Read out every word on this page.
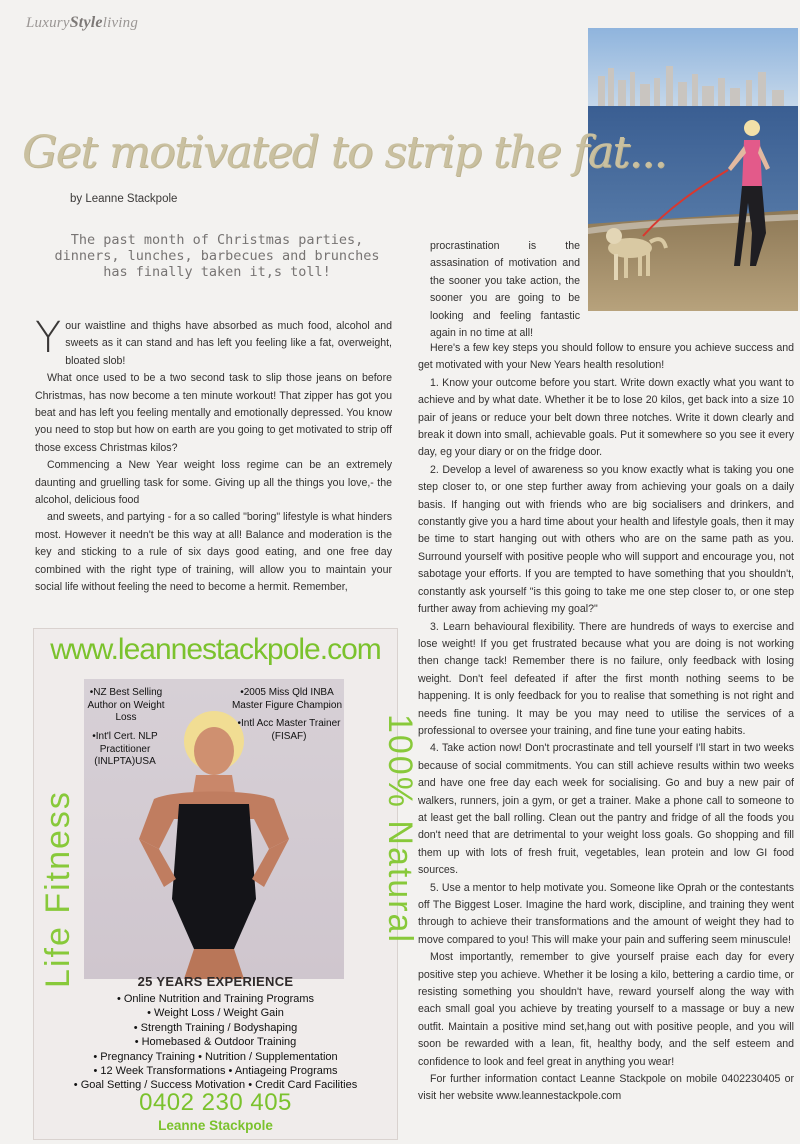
LuxuryStyleliving
Get motivated to strip the fat...
by Leanne Stackpole
The past month of Christmas parties, dinners, lunches, barbecues and brunches has finally taken it,s toll!

Your waistline and thighs have absorbed as much food, alcohol and sweets as it can stand and has left you feeling like a fat, overweight, bloated slob!

What once used to be a two second task to slip those jeans on before Christmas, has now become a ten minute workout! That zipper has got you beat and has left you feeling mentally and emotionally depressed. You know you need to stop but how on earth are you going to get motivated to strip off those excess Christmas kilos?

Commencing a New Year weight loss regime can be an extremely daunting and gruelling task for some. Giving up all the things you love,- the alcohol, delicious food

and sweets, and partying - for a so called "boring" lifestyle is what hinders most. However it needn't be this way at all! Balance and moderation is the key and sticking to a rule of six days good eating, and one free day combined with the right type of training, will allow you to maintain your social life without feeling the need to become a hermit. Remember,

procrastination is the assasination of motivation and the sooner you take action, the sooner you are going to be looking and feeling fantastic again in no time at all!

Here's a few key steps you should follow to ensure you achieve success and get motivated with your New Years health resolution!

1. Know your outcome before you start. Write down exactly what you want to achieve and by what date. Whether it be to lose 20 kilos, get back into a size 10 pair of jeans or reduce your belt down three notches. Write it down clearly and break it down into small, achievable goals. Put it somewhere so you see it every day, eg your diary or on the fridge door.

2. Develop a level of awareness so you know exactly what is taking you one step closer to, or one step further away from achieving your goals on a daily basis. If hanging out with friends who are big socialisers and drinkers, and constantly give you a hard time about your health and lifestyle goals, then it may be time to start hanging out with others who are on the same path as you. Surround yourself with positive people who will support and encourage you, not sabotage your efforts. If you are tempted to have something that you shouldn't, constantly ask yourself "is this going to take me one step closer to, or one step further away from achieving my goal?"

3. Learn behavioural flexibility. There are hundreds of ways to exercise and lose weight! If you get frustrated because what you are doing is not working then change tack! Remember there is no failure, only feedback with losing weight. Don't feel defeated if after the first month nothing seems to be happening. It is only feedback for you to realise that something is not right and needs fine tuning. It may be you may need to utilise the services of a professional to oversee your training, and fine tune your eating habits.

4. Take action now! Don't procrastinate and tell yourself I'll start in two weeks because of social commitments. You can still achieve results within two weeks and have one free day each week for socialising. Go and buy a new pair of walkers, runners, join a gym, or get a trainer. Make a phone call to someone to at least get the ball rolling. Clean out the pantry and fridge of all the foods you don't need that are detrimental to your weight loss goals. Go shopping and fill them up with lots of fresh fruit, vegetables, lean protein and low GI food sources.

5. Use a mentor to help motivate you. Someone like Oprah or the contestants off The Biggest Loser. Imagine the hard work, discipline, and training they went through to achieve their transformations and the amount of weight they had to move compared to you! This will make your pain and suffering seem minuscule!

Most importantly, remember to give yourself praise each day for every positive step you achieve. Whether it be losing a kilo, bettering a cardio time, or resisting something you shouldn't have, reward yourself along the way with each small goal you achieve by treating yourself to a massage or buy a new outfit. Maintain a positive mind set,hang out with positive people, and you will soon be rewarded with a lean, fit, healthy body, and the self esteem and confidence to look and feel great in anything you wear!

For further information contact Leanne Stackpole on mobile 0402230405 or visit her website www.leannestackpole.com

www.leannestackpole.com
Life Fitness	100% Natural
•NZ Best Selling Author on Weight Loss
•Int'l Cert. NLP Practitioner (INLPTA)USA
•2005 Miss Qld INBA Master Figure Champion
•Intl Acc Master Trainer (FISAF)
25 YEARS EXPERIENCE
• Online Nutrition and Training Programs
• Weight Loss / Weight Gain
• Strength Training / Bodyshaping
• Homebased & Outdoor Training
• Pregnancy Training • Nutrition / Supplementation
• 12 Week Transformations • Antiageing Programs
• Goal Setting / Success Motivation • Credit Card Facilities
0402 230 405
Leanne Stackpole
